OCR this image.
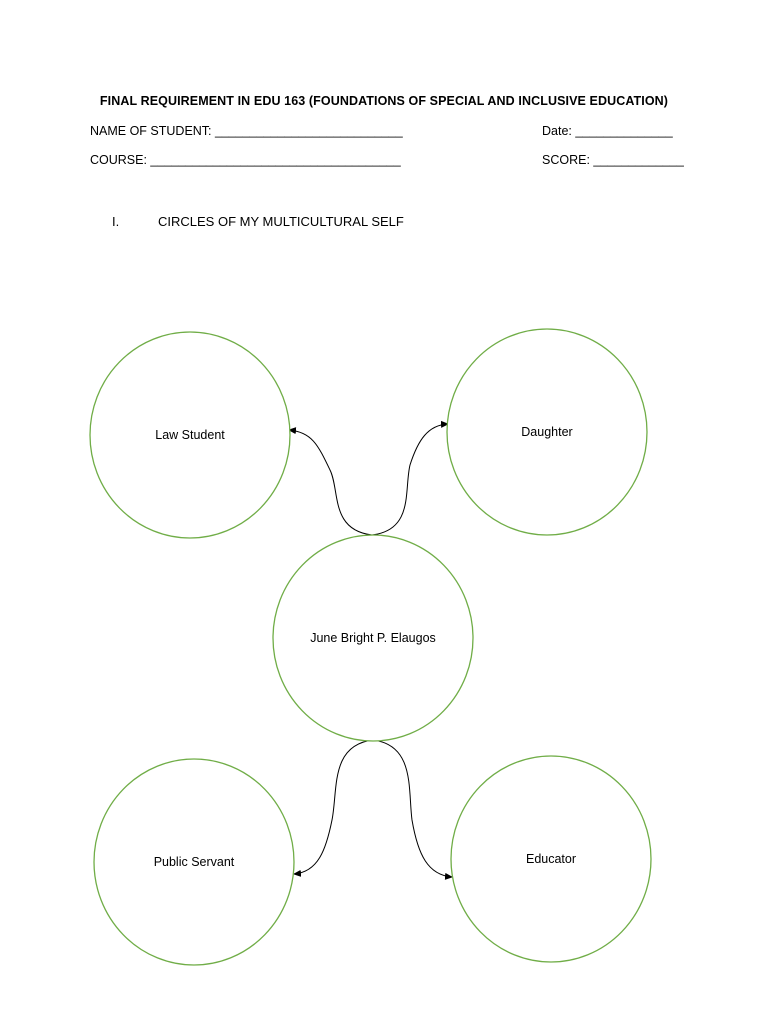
FINAL REQUIREMENT IN EDU 163 (FOUNDATIONS OF SPECIAL AND INCLUSIVE EDUCATION)
NAME OF STUDENT: ___________________________	Date: ______________
COURSE: ____________________________________	SCORE: _____________
I.	CIRCLES OF MY MULTICULTURAL SELF
Law Student	Daughter
June Bright P. Elaugos
Public Servant	Educator
